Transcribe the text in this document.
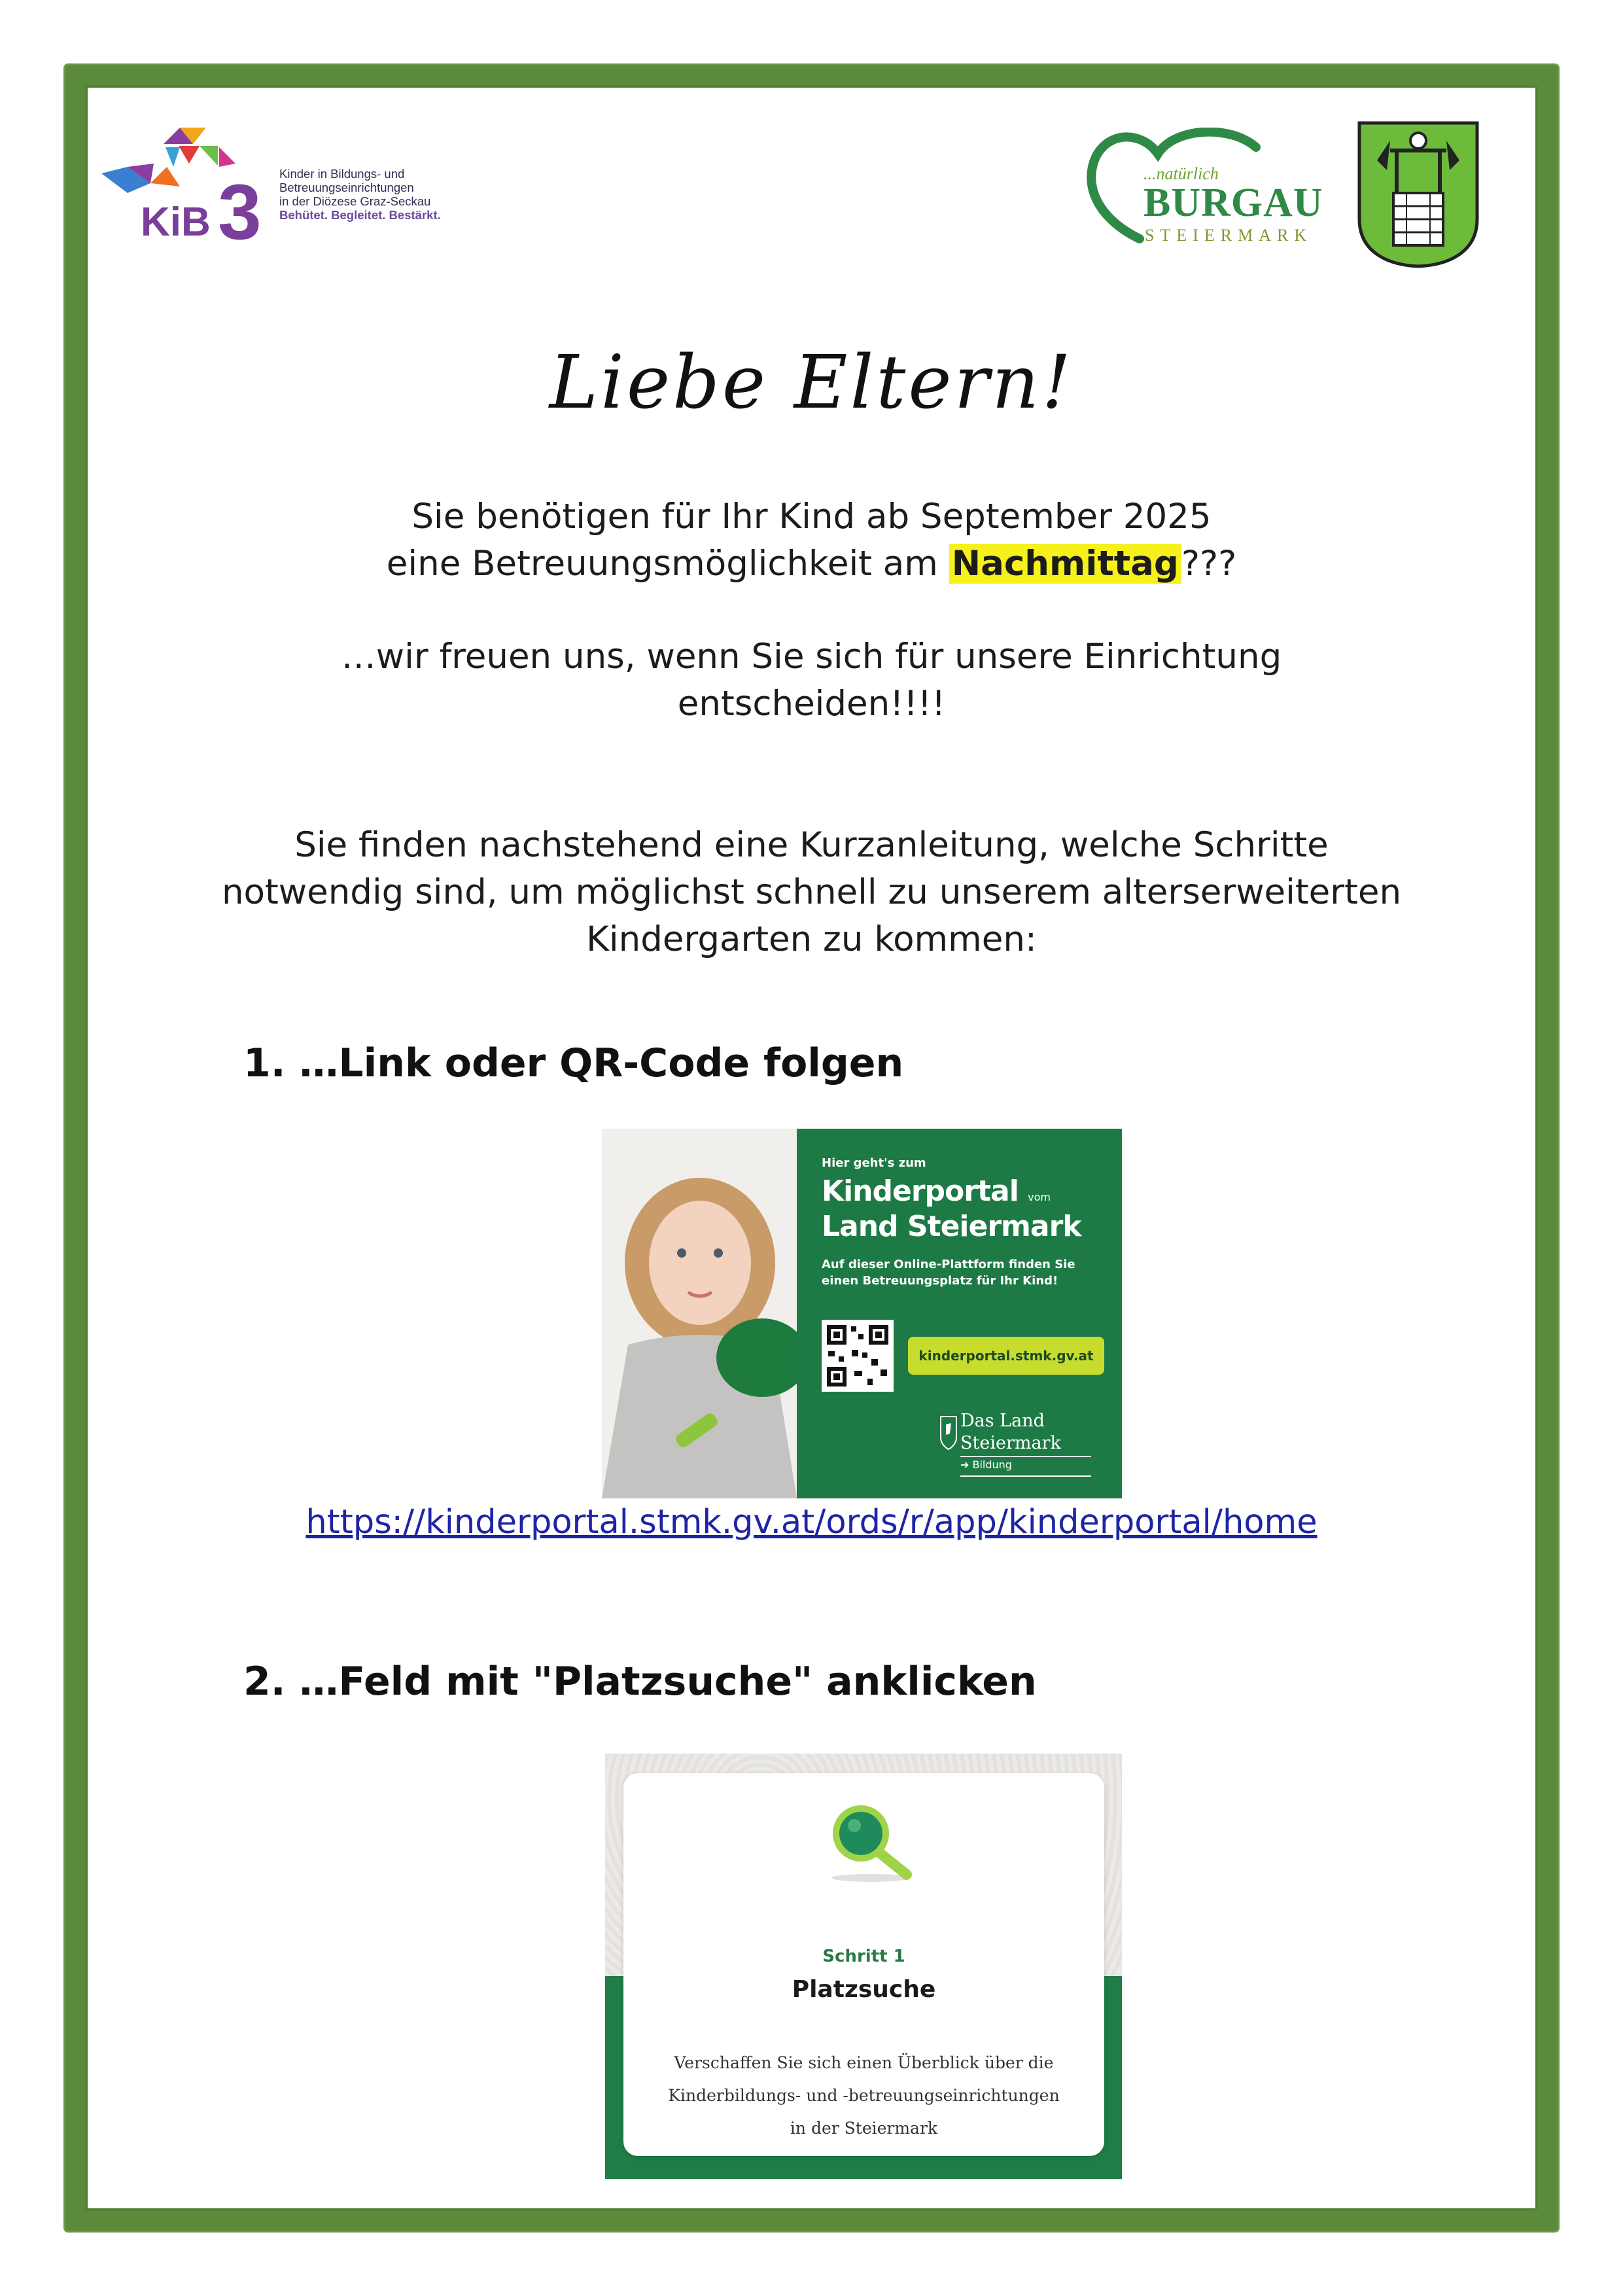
KiB 3 Kinder in Bildungs- und
Betreuungseinrichtungen
in der Diözese Graz-Seckau
Behütet. Begleitet. Bestärkt.
...natürlich
BURGAU
STEIERMARK
Liebe Eltern!
Sie benötigen für Ihr Kind ab September 2025
eine Betreuungsmöglichkeit am Nachmittag???
…wir freuen uns, wenn Sie sich für unsere Einrichtung
entscheiden!!!!
Sie finden nachstehend eine Kurzanleitung, welche Schritte
notwendig sind, um möglichst schnell zu unserem alterserweiterten
Kindergarten zu kommen:
1. …Link oder QR-Code folgen
Hier geht's zum
Kinderportal vom
Land Steiermark
Auf dieser Online-Plattform finden Sie einen Betreuungsplatz für Ihr Kind!
kinderportal.stmk.gv.at
Das Land
Steiermark
➔ Bildung
https://kinderportal.stmk.gv.at/ords/r/app/kinderportal/home
2. …Feld mit "Platzsuche" anklicken
Schritt 1
Platzsuche
Verschaffen Sie sich einen Überblick über die Kinderbildungs- und -betreuungseinrichtungen in der Steiermark
